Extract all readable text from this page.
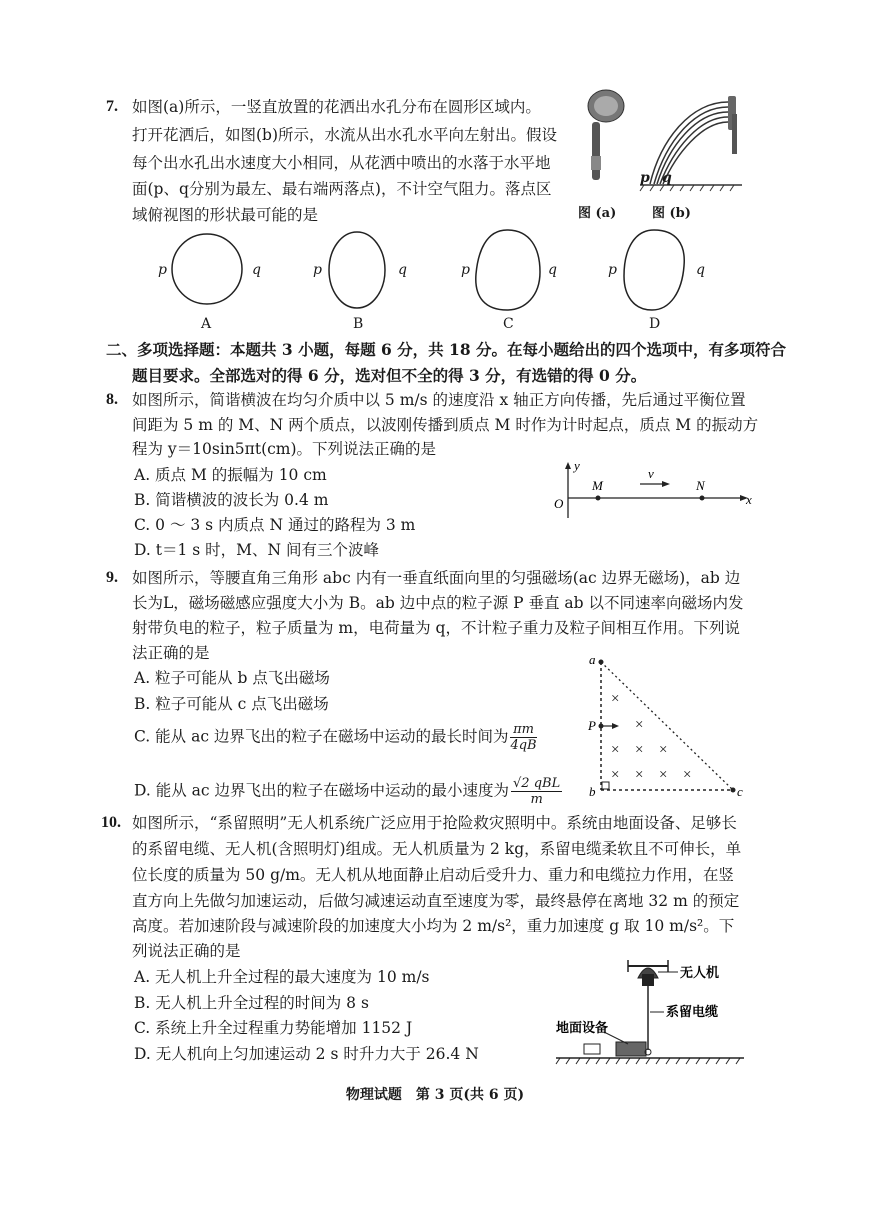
7. 如图(a)所示，一竖直放置的花洒出水孔分布在圆形区域内。
打开花洒后，如图(b)所示，水流从出水孔水平向左射出。假设
每个出水孔出水速度大小相同，从花洒中喷出的水落于水平地
面(p、q分别为最左、最右端两落点)，不计空气阻力。落点区
域俯视图的形状最可能的是	图 (a)
p q
图 (b)
p	q
A
p	q
B
p	q
C
p	q
D
二、多项选择题：本题共 3 小题，每题 6 分，共 18 分。在每小题给出的四个选项中，有多项符合
题目要求。全部选对的得 6 分，选对但不全的得 3 分，有选错的得 0 分。
8. 如图所示，简谐横波在均匀介质中以 5 m/s 的速度沿 x 轴正方向传播，先后通过平衡位置
间距为 5 m 的 M、N 两个质点，以波刚传播到质点 M 时作为计时起点，质点 M 的振动方
程为 y＝10sin5πt(cm)。下列说法正确的是
A. 质点 M 的振幅为 10 cm
B. 简谐横波的波长为 0.4 m
C. 0 ～ 3 s 内质点 N 通过的路程为 3 m
D. t＝1 s 时，M、N 间有三个波峰
y
O
M
v
N
x
9. 如图所示，等腰直角三角形 abc 内有一垂直纸面向里的匀强磁场(ac 边界无磁场)，ab 边
长为L，磁场磁感应强度大小为 B。ab 边中点的粒子源 P 垂直 ab 以不同速率向磁场内发
射带负电的粒子，粒子质量为 m，电荷量为 q，不计粒子重力及粒子间相互作用。下列说
法正确的是
A. 粒子可能从 b 点飞出磁场
B. 粒子可能从 c 点飞出磁场
C. 能从 ac 边界飞出的粒子在磁场中运动的最长时间为 $\frac{\pi m}{4qB}$
D. 能从 ac 边界飞出的粒子在磁场中运动的最小速度为 $\frac{\text{√2 qBL}}{m}$
×
×
× × ×
× × × ×
a
P
b	c
10. 如图所示，“系留照明”无人机系统广泛应用于抢险救灾照明中。系统由地面设备、足够长
的系留电缆、无人机(含照明灯)组成。无人机质量为 2 kg，系留电缆柔软且不可伸长，单
位长度的质量为 50 g/m。无人机从地面静止启动后受升力、重力和电缆拉力作用，在竖
直方向上先做匀加速运动，后做匀减速运动直至速度为零，最终悬停在离地 32 m 的预定
高度。若加速阶段与减速阶段的加速度大小均为 2 m/s²，重力加速度 g 取 10 m/s²。下
列说法正确的是
A. 无人机上升全过程的最大速度为 10 m/s
B. 无人机上升全过程的时间为 8 s
C. 系统上升全过程重力势能增加 1152 J
D. 无人机向上匀加速运动 2 s 时升力大于 26.4 N
无人机
系留电缆
地面设备
物理试题　第 3 页(共 6 页)
